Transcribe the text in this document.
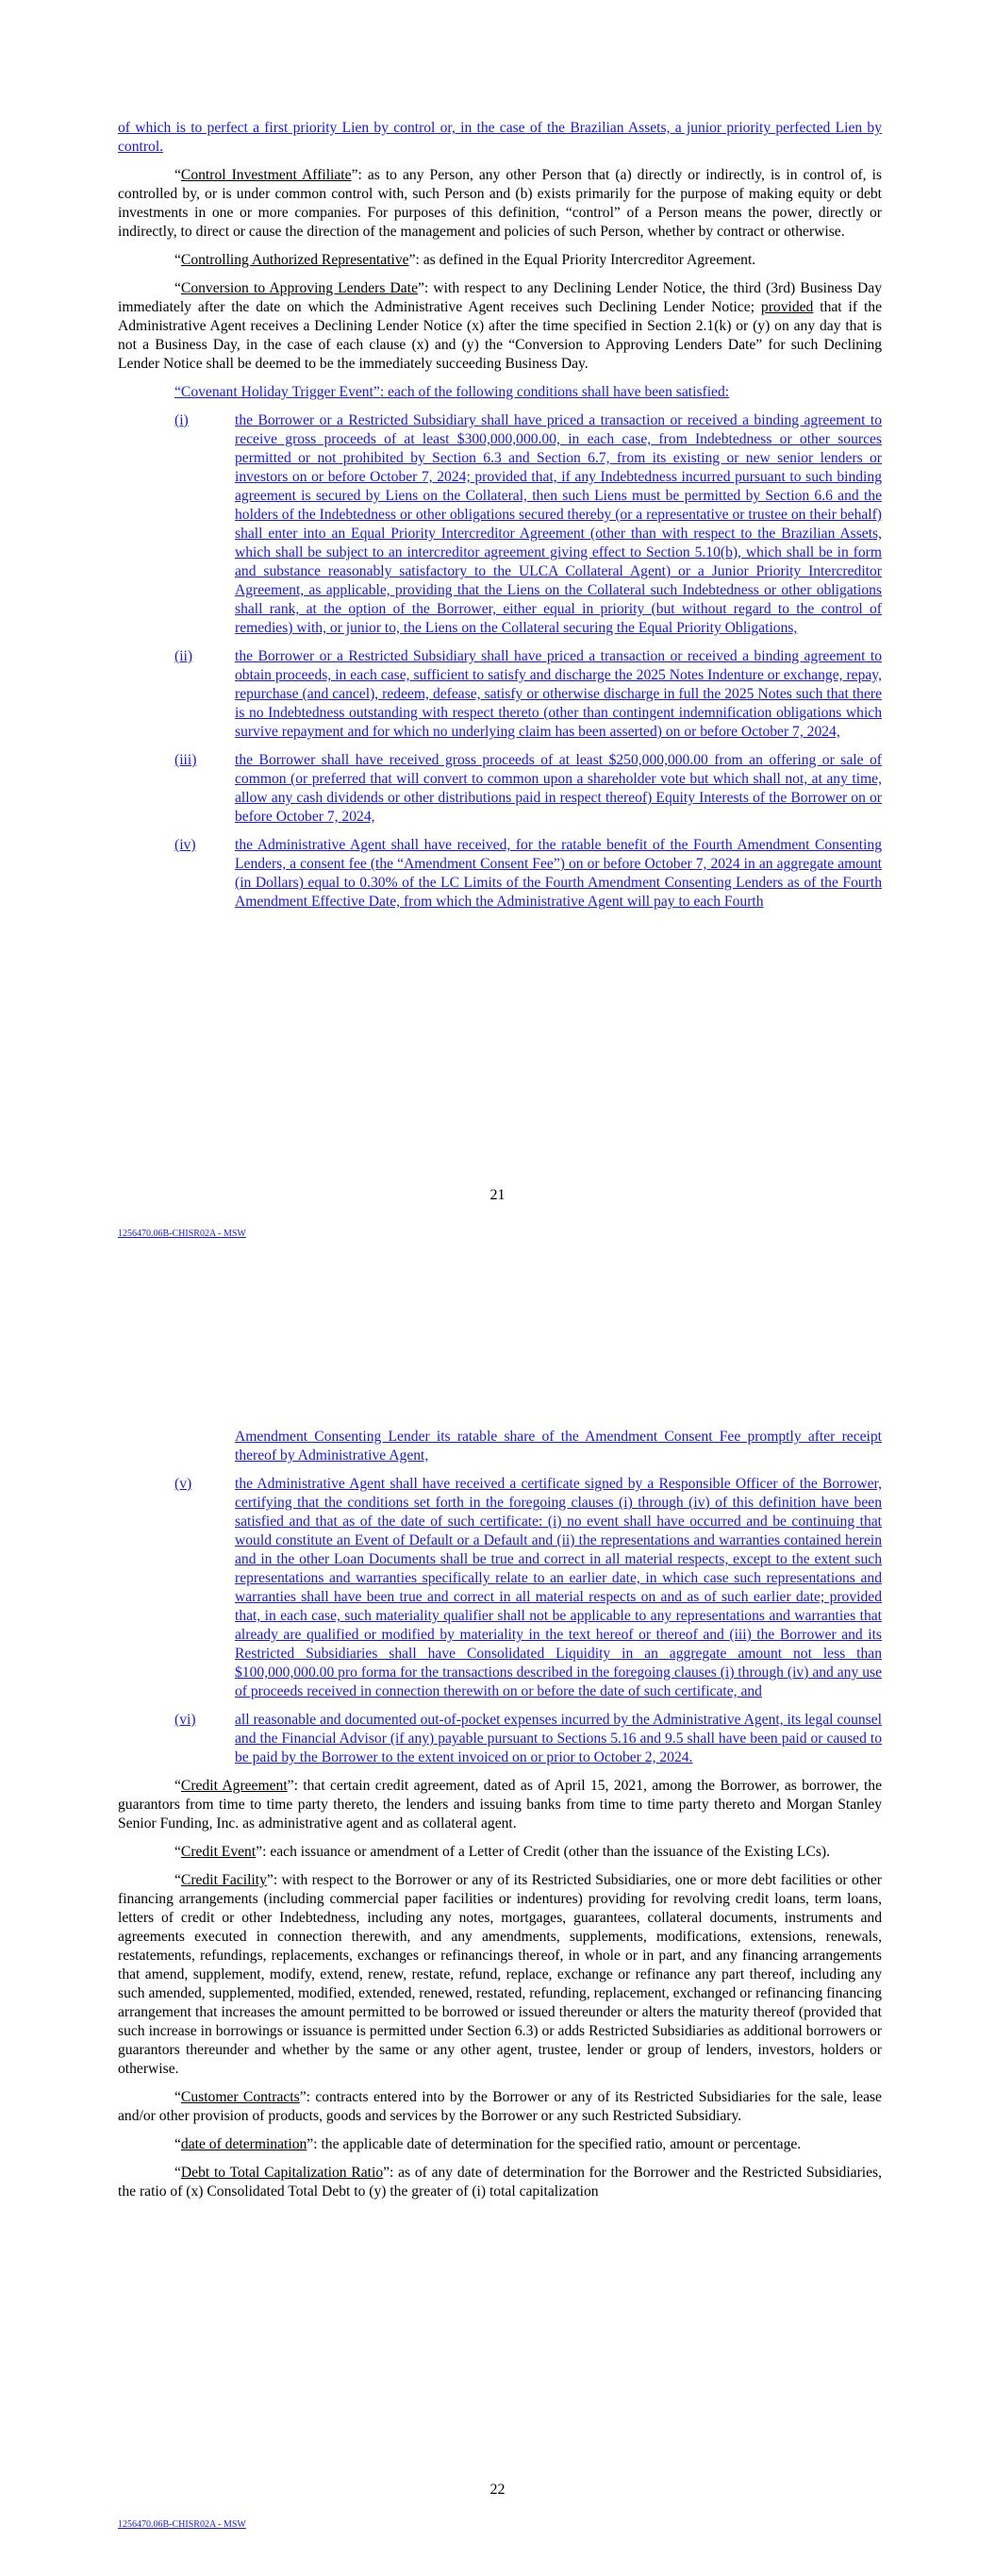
of which is to perfect a first priority Lien by control or, in the case of the Brazilian Assets, a junior priority perfected Lien by control.

“Control Investment Affiliate”: as to any Person, any other Person that (a) directly or indirectly, is in control of, is controlled by, or is under common control with, such Person and (b) exists primarily for the purpose of making equity or debt investments in one or more companies. For purposes of this definition, “control” of a Person means the power, directly or indirectly, to direct or cause the direction of the management and policies of such Person, whether by contract or otherwise.

“Controlling Authorized Representative”: as defined in the Equal Priority Intercreditor Agreement.

“Conversion to Approving Lenders Date”: with respect to any Declining Lender Notice, the third (3rd) Business Day immediately after the date on which the Administrative Agent receives such Declining Lender Notice; provided that if the Administrative Agent receives a Declining Lender Notice (x) after the time specified in Section 2.1(k) or (y) on any day that is not a Business Day, in the case of each clause (x) and (y) the “Conversion to Approving Lenders Date” for such Declining Lender Notice shall be deemed to be the immediately succeeding Business Day.

“Covenant Holiday Trigger Event”: each of the following conditions shall have been satisfied:

(i)	the Borrower or a Restricted Subsidiary shall have priced a transaction or received a binding agreement to receive gross proceeds of at least $300,000,000.00, in each case, from Indebtedness or other sources permitted or not prohibited by Section 6.3 and Section 6.7, from its existing or new senior lenders or investors on or before October 7, 2024; provided that, if any Indebtedness incurred pursuant to such binding agreement is secured by Liens on the Collateral, then such Liens must be permitted by Section 6.6 and the holders of the Indebtedness or other obligations secured thereby (or a representative or trustee on their behalf) shall enter into an Equal Priority Intercreditor Agreement (other than with respect to the Brazilian Assets, which shall be subject to an intercreditor agreement giving effect to Section 5.10(b), which shall be in form and substance reasonably satisfactory to the ULCA Collateral Agent) or a Junior Priority Intercreditor Agreement, as applicable, providing that the Liens on the Collateral such Indebtedness or other obligations shall rank, at the option of the Borrower, either equal in priority (but without regard to the control of remedies) with, or junior to, the Liens on the Collateral securing the Equal Priority Obligations,
(ii)	the Borrower or a Restricted Subsidiary shall have priced a transaction or received a binding agreement to obtain proceeds, in each case, sufficient to satisfy and discharge the 2025 Notes Indenture or exchange, repay, repurchase (and cancel), redeem, defease, satisfy or otherwise discharge in full the 2025 Notes such that there is no Indebtedness outstanding with respect thereto (other than contingent indemnification obligations which survive repayment and for which no underlying claim has been asserted) on or before October 7, 2024,
(iii)	the Borrower shall have received gross proceeds of at least $250,000,000.00 from an offering or sale of common (or preferred that will convert to common upon a shareholder vote but which shall not, at any time, allow any cash dividends or other distributions paid in respect thereof) Equity Interests of the Borrower on or before October 7, 2024,
(iv)	the Administrative Agent shall have received, for the ratable benefit of the Fourth Amendment Consenting Lenders, a consent fee (the “Amendment Consent Fee”) on or before October 7, 2024 in an aggregate amount (in Dollars) equal to 0.30% of the LC Limits of the Fourth Amendment Consenting Lenders as of the Fourth Amendment Effective Date, from which the Administrative Agent will pay to each Fourth
21
1256470.06B-CHISR02A - MSW

Amendment Consenting Lender its ratable share of the Amendment Consent Fee promptly after receipt thereof by Administrative Agent,

(v)	the Administrative Agent shall have received a certificate signed by a Responsible Officer of the Borrower, certifying that the conditions set forth in the foregoing clauses (i) through (iv) of this definition have been satisfied and that as of the date of such certificate: (i) no event shall have occurred and be continuing that would constitute an Event of Default or a Default and (ii) the representations and warranties contained herein and in the other Loan Documents shall be true and correct in all material respects, except to the extent such representations and warranties specifically relate to an earlier date, in which case such representations and warranties shall have been true and correct in all material respects on and as of such earlier date; provided that, in each case, such materiality qualifier shall not be applicable to any representations and warranties that already are qualified or modified by materiality in the text hereof or thereof and (iii) the Borrower and its Restricted Subsidiaries shall have Consolidated Liquidity in an aggregate amount not less than $100,000,000.00 pro forma for the transactions described in the foregoing clauses (i) through (iv) and any use of proceeds received in connection therewith on or before the date of such certificate, and
(vi)	all reasonable and documented out-of-pocket expenses incurred by the Administrative Agent, its legal counsel and the Financial Advisor (if any) payable pursuant to Sections 5.16 and 9.5 shall have been paid or caused to be paid by the Borrower to the extent invoiced on or prior to October 2, 2024.

“Credit Agreement”: that certain credit agreement, dated as of April 15, 2021, among the Borrower, as borrower, the guarantors from time to time party thereto, the lenders and issuing banks from time to time party thereto and Morgan Stanley Senior Funding, Inc. as administrative agent and as collateral agent.

“Credit Event”: each issuance or amendment of a Letter of Credit (other than the issuance of the Existing LCs).

“Credit Facility”: with respect to the Borrower or any of its Restricted Subsidiaries, one or more debt facilities or other financing arrangements (including commercial paper facilities or indentures) providing for revolving credit loans, term loans, letters of credit or other Indebtedness, including any notes, mortgages, guarantees, collateral documents, instruments and agreements executed in connection therewith, and any amendments, supplements, modifications, extensions, renewals, restatements, refundings, replacements, exchanges or refinancings thereof, in whole or in part, and any financing arrangements that amend, supplement, modify, extend, renew, restate, refund, replace, exchange or refinance any part thereof, including any such amended, supplemented, modified, extended, renewed, restated, refunding, replacement, exchanged or refinancing financing arrangement that increases the amount permitted to be borrowed or issued thereunder or alters the maturity thereof (provided that such increase in borrowings or issuance is permitted under Section 6.3) or adds Restricted Subsidiaries as additional borrowers or guarantors thereunder and whether by the same or any other agent, trustee, lender or group of lenders, investors, holders or otherwise.

“Customer Contracts”: contracts entered into by the Borrower or any of its Restricted Subsidiaries for the sale, lease and/or other provision of products, goods and services by the Borrower or any such Restricted Subsidiary.

“date of determination”: the applicable date of determination for the specified ratio, amount or percentage.

“Debt to Total Capitalization Ratio”: as of any date of determination for the Borrower and the Restricted Subsidiaries, the ratio of (x) Consolidated Total Debt to (y) the greater of (i) total capitalization

22
1256470.06B-CHISR02A - MSW
